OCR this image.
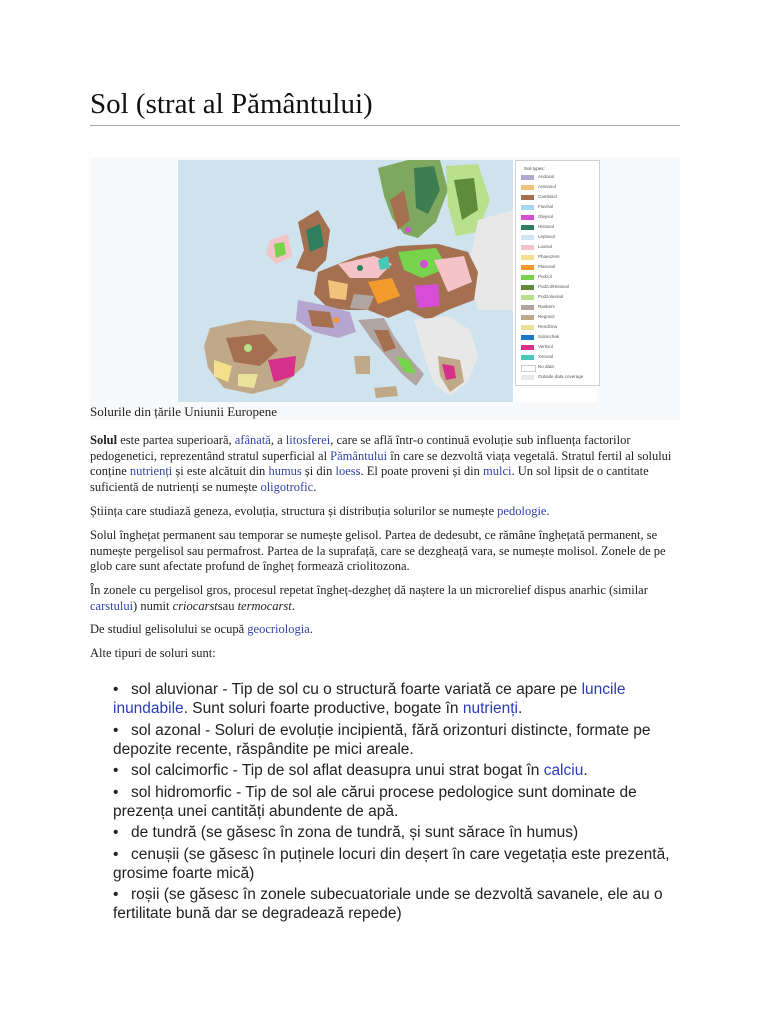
Sol (strat al Pământului)
Soil types:
Andosol
Arenosol
Cambisol
Fluvisol
Gleysol
Histosol
Leptosol
Luvisol
Phaeozem
Planosol
Podzol
Podzol/Histosol
Podzoluvisol
Rankers
Regosol
Rendzina
Solonchak
Vertisol
Xerosol
No data
Outside data coverage
Solurile din țările Uniunii Europene

Solul este partea superioară, afânată, a litosferei, care se află într-o continuă evoluție sub influența factorilor pedogenetici, reprezentând stratul superficial al Pământului în care se dezvoltă viața vegetală. Stratul fertil al solului conține nutrienți și este alcătuit din humus și din loess. El poate proveni și din mulci. Un sol lipsit de o cantitate suficientă de nutrienți se numește oligotrofic.

Știința care studiază geneza, evoluția, structura și distribuția solurilor se numește pedologie.

Solul înghețat permanent sau temporar se numește gelisol. Partea de dedesubt, ce rămâne înghețată permanent, se numește pergelisol sau permafrost. Partea de la suprafață, care se dezgheață vara, se numește molisol. Zonele de pe glob care sunt afectate profund de îngheț formează criolitozona.

În zonele cu pergelisol gros, procesul repetat îngheț-dezgheț dă naștere la un microrelief dispus anarhic (similar carstului) numit criocarstsau termocarst.

De studiul gelisolului se ocupă geocriologia.

Alte tipuri de soluri sunt:

• sol aluvionar - Tip de sol cu o structură foarte variată ce apare pe luncile inundabile. Sunt soluri foarte productive, bogate în nutrienți.
• sol azonal - Soluri de evoluție incipientă, fără orizonturi distincte, formate pe depozite recente, răspândite pe mici areale.
• sol calcimorfic - Tip de sol aflat deasupra unui strat bogat în calciu.
• sol hidromorfic - Tip de sol ale cărui procese pedologice sunt dominate de prezența unei cantități abundente de apă.
• de tundră (se găsesc în zona de tundră, și sunt sărace în humus)
• cenușii (se găsesc în puținele locuri din deșert în care vegetația este prezentă, grosime foarte mică)
• roșii (se găsesc în zonele subecuatoriale unde se dezvoltă savanele, ele au o fertilitate bună dar se degradează repede)
